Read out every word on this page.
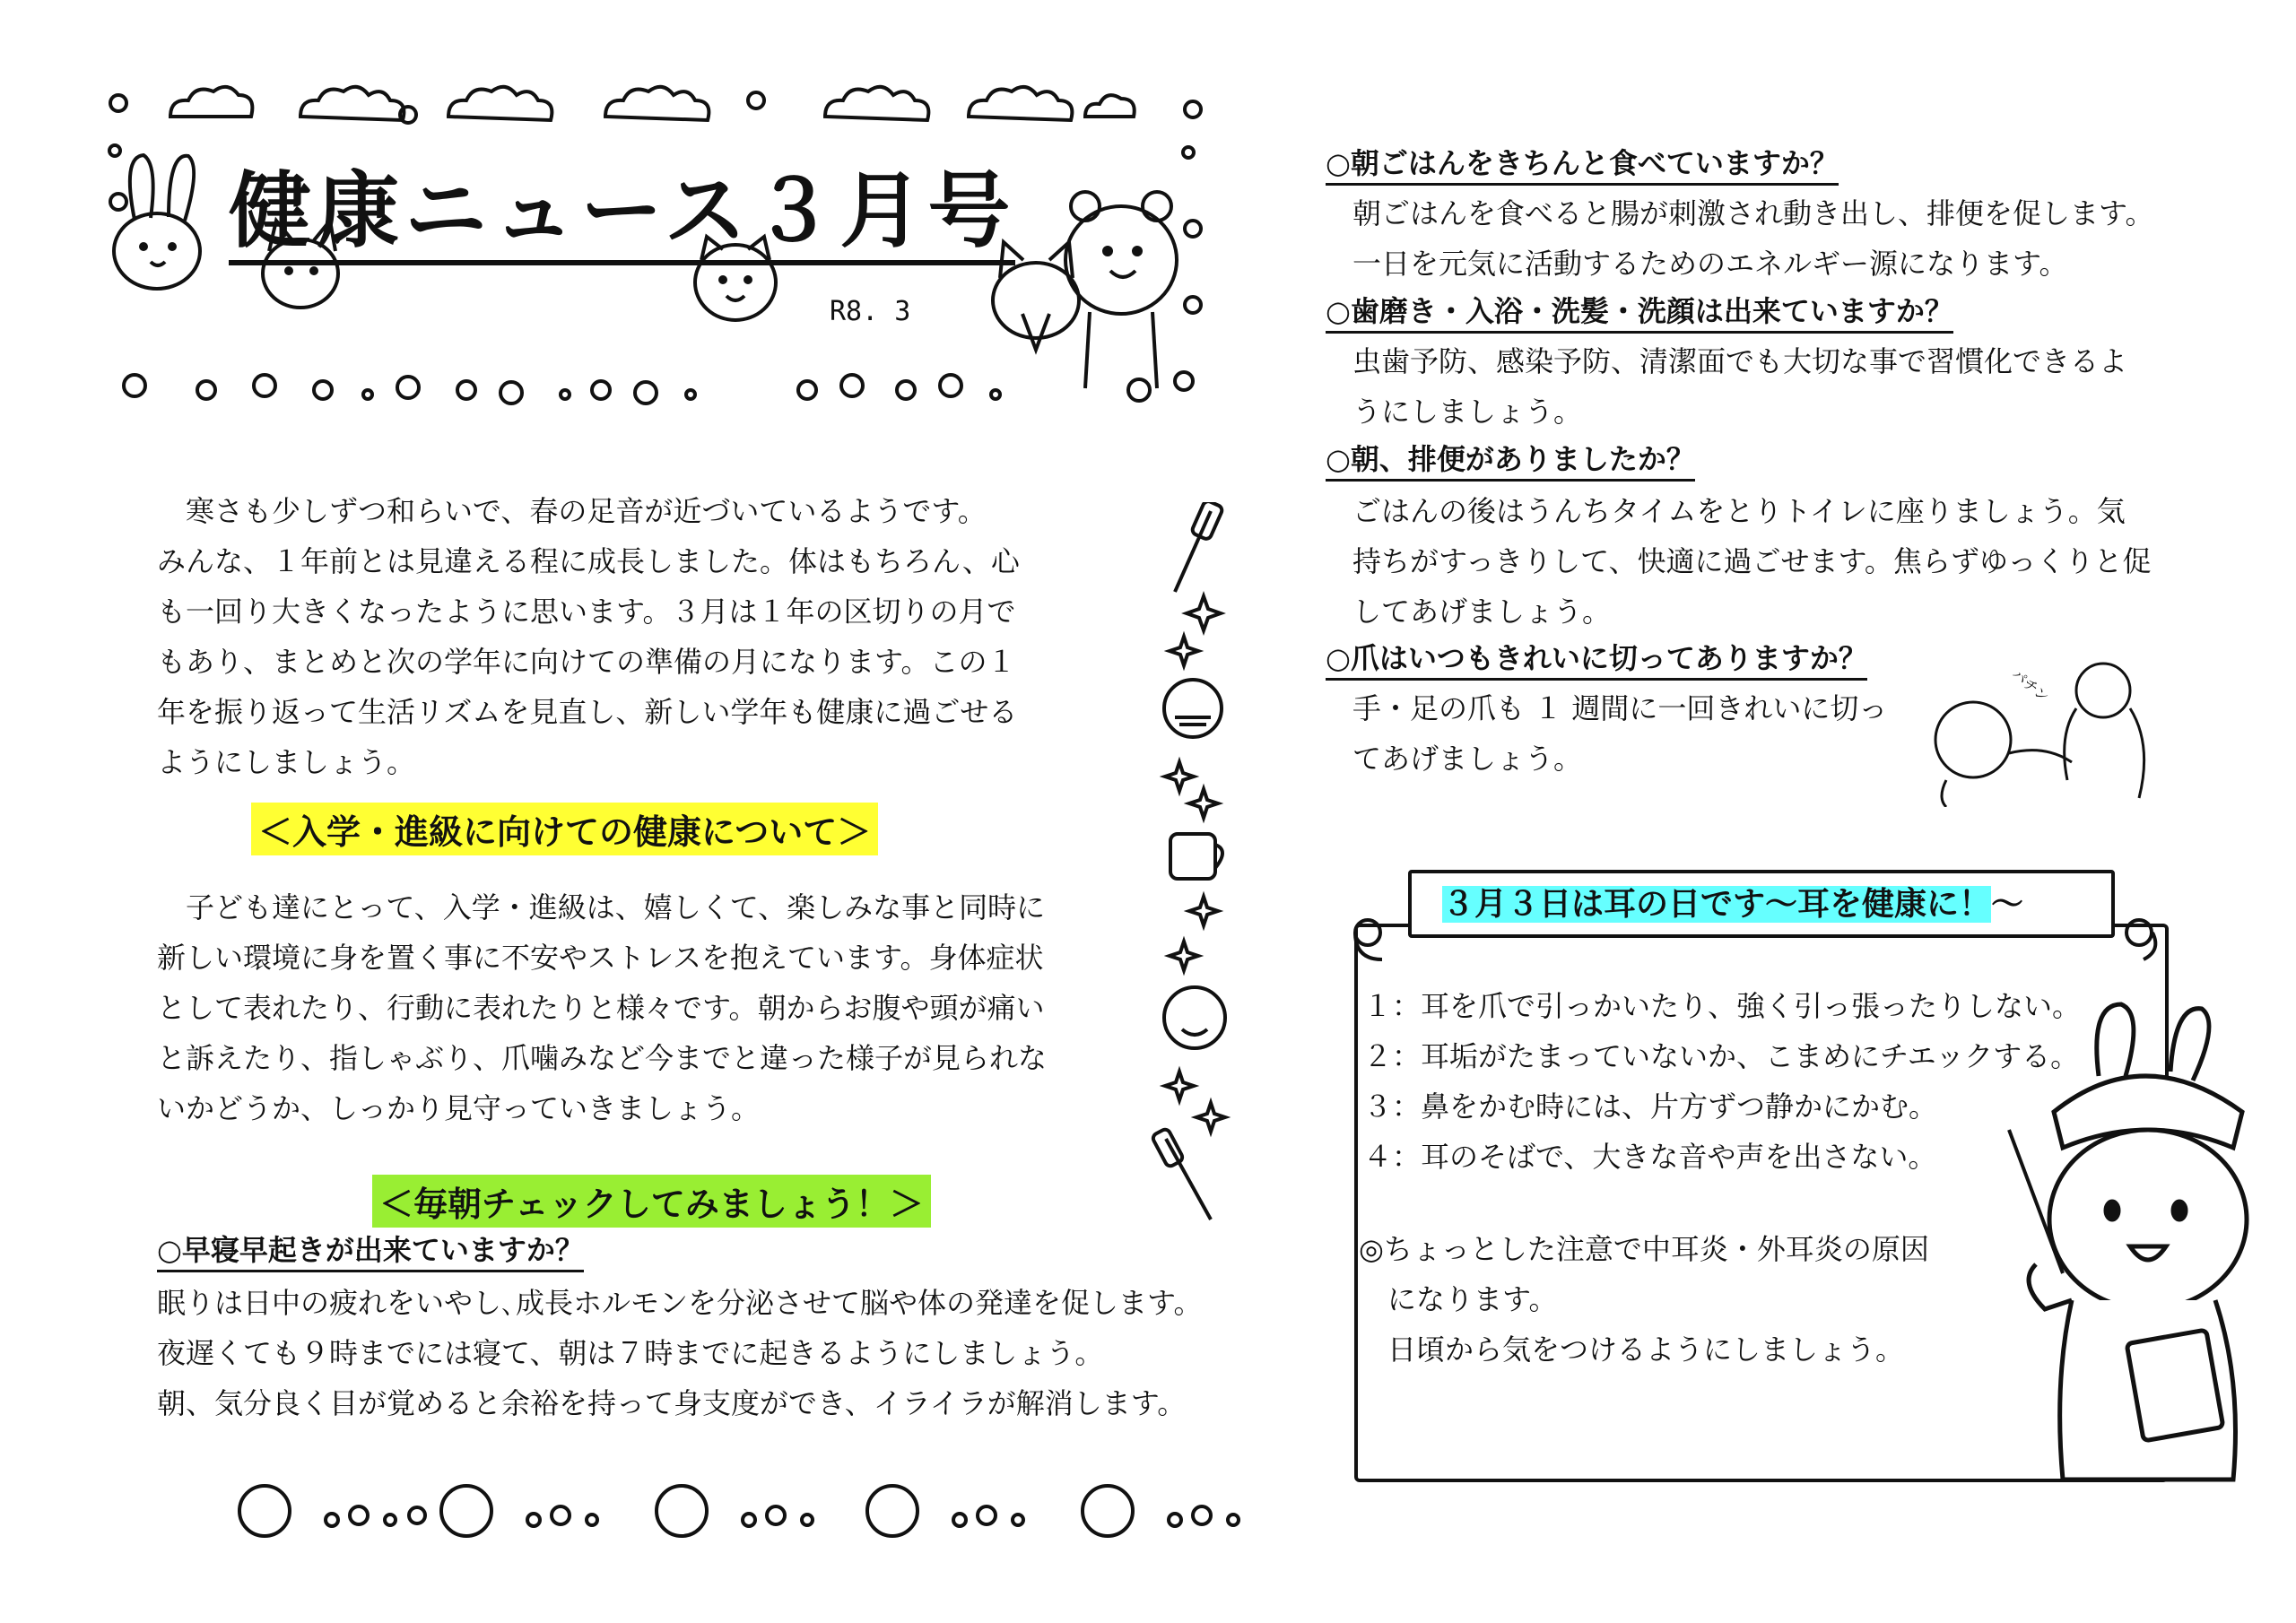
健康ニュース３月号
R8. 3
　寒さも少しずつ和らいで、春の足音が近づいているようです。
みんな、１年前とは見違える程に成長しました。体はもちろん、心
も一回り大きくなったように思います。３月は１年の区切りの月で
もあり、まとめと次の学年に向けての準備の月になります。この１
年を振り返って生活リズムを見直し、新しい学年も健康に過ごせる
ようにしましょう。
＜入学・進級に向けての健康について＞
　子ども達にとって、入学・進級は、嬉しくて、楽しみな事と同時に
新しい環境に身を置く事に不安やストレスを抱えています。身体症状
として表れたり、行動に表れたりと様々です。朝からお腹や頭が痛い
と訴えたり、指しゃぶり、爪噛みなど今までと違った様子が見られな
いかどうか、しっかり見守っていきましょう。
＜毎朝チェックしてみましょう！＞
○早寝早起きが出来ていますか？
眠りは日中の疲れをいやし､成長ホルモンを分泌させて脳や体の発達を促します。
夜遅くても９時までには寝て、朝は７時までに起きるようにしましょう。
朝、気分良く目が覚めると余裕を持って身支度ができ、イライラが解消します。
○朝ごはんをきちんと食べていますか？
朝ごはんを食べると腸が刺激され動き出し、排便を促します。
一日を元気に活動するためのエネルギー源になります。
○歯磨き・入浴・洗髪・洗顔は出来ていますか？
虫歯予防、感染予防、清潔面でも大切な事で習慣化できるよ
うにしましょう。
○朝、排便がありましたか？
ごはんの後はうんちタイムをとりトイレに座りましょう。気
持ちがすっきりして、快適に過ごせます。焦らずゆっくりと促
してあげましょう。
○爪はいつもきれいに切ってありますか？
手・足の爪も １ 週間に一回きれいに切っ
てあげましょう。
パチン
３月３日は耳の日です～耳を健康に！～
１：耳を爪で引っかいたり、強く引っ張ったりしない。
２：耳垢がたまっていないか、こまめにチエックする。
３：鼻をかむ時には、片方ずつ静かにかむ。
４：耳のそばで、大きな音や声を出さない。
◎ちょっとした注意で中耳炎・外耳炎の原因
　になります。
　日頃から気をつけるようにしましょう。
